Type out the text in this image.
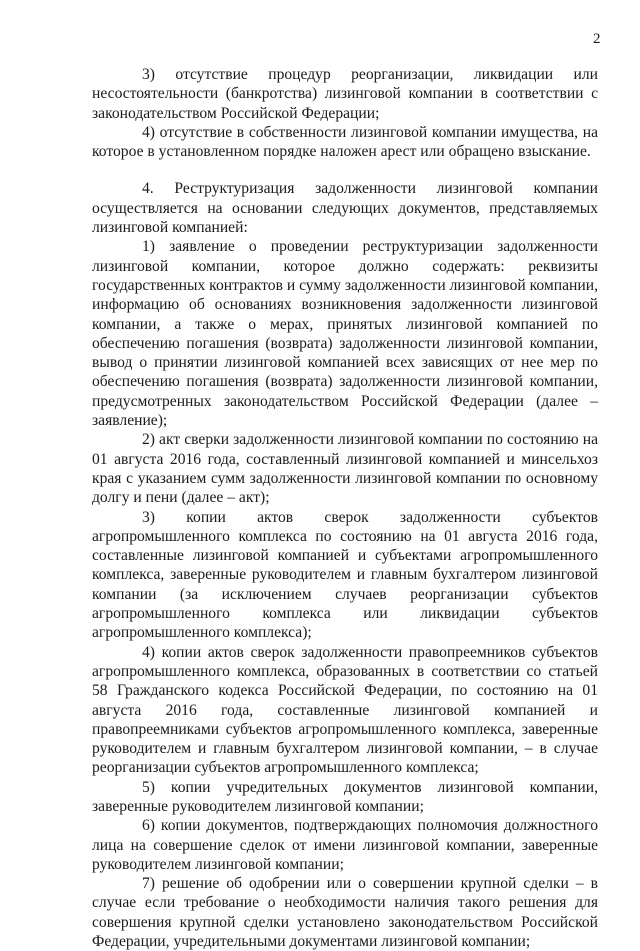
2

3) отсутствие процедур реорганизации, ликвидации или несостоятельности (банкротства) лизинговой компании в соответствии с законодательством Российской Федерации;

4) отсутствие в собственности лизинговой компании имущества, на которое в установленном порядке наложен арест или обращено взыскание.

4. Реструктуризация задолженности лизинговой компании осуществляется на основании следующих документов, представляемых лизинговой компанией:

1) заявление о проведении реструктуризации задолженности лизинговой компании, которое должно содержать: реквизиты государственных контрактов и сумму задолженности лизинговой компании, информацию об основаниях возникновения задолженности лизинговой компании, а также о мерах, принятых лизинговой компанией по обеспечению погашения (возврата) задолженности лизинговой компании, вывод о принятии лизинговой компанией всех зависящих от нее мер по обеспечению погашения (возврата) задолженности лизинговой компании, предусмотренных законодательством Российской Федерации (далее – заявление);

2) акт сверки задолженности лизинговой компании по состоянию на 01 августа 2016 года, составленный лизинговой компанией и минсельхоз края с указанием сумм задолженности лизинговой компании по основному долгу и пени (далее – акт);

3) копии актов сверок задолженности субъектов агропромышленного комплекса по состоянию на 01 августа 2016 года, составленные лизинговой компанией и субъектами агропромышленного комплекса, заверенные руководителем и главным бухгалтером лизинговой компании (за исключением случаев реорганизации субъектов агропромышленного комплекса или ликвидации субъектов агропромышленного комплекса);

4) копии актов сверок задолженности правопреемников субъектов агропромышленного комплекса, образованных в соответствии со статьей 58 Гражданского кодекса Российской Федерации, по состоянию на 01 августа 2016 года, составленные лизинговой компанией и правопреемниками субъектов агропромышленного комплекса, заверенные руководителем и главным бухгалтером лизинговой компании, – в случае реорганизации субъектов агропромышленного комплекса;

5) копии учредительных документов лизинговой компании, заверенные руководителем лизинговой компании;

6) копии документов, подтверждающих полномочия должностного лица на совершение сделок от имени лизинговой компании, заверенные руководителем лизинговой компании;

7) решение об одобрении или о совершении крупной сделки – в случае если требование о необходимости наличия такого решения для совершения крупной сделки установлено законодательством Российской Федерации, учредительными документами лизинговой компании;
